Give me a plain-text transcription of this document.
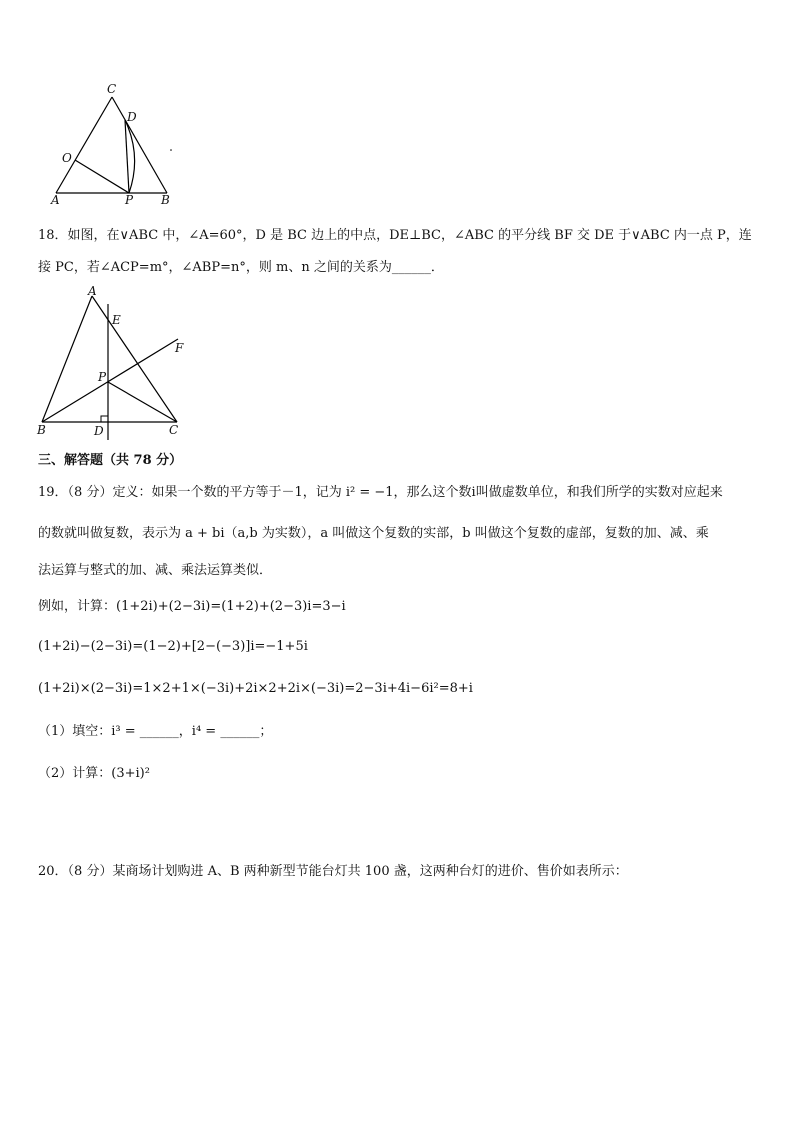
C
D
O
A	P B
18．如图，在∨ABC 中，∠A=60°，D 是 BC 边上的中点，DE⊥BC，∠ABC 的平分线 BF 交 DE 于∨ABC 内一点 P，连
接 PC，若∠ACP=m°，∠ABP=n°，则 m、n 之间的关系为______．
A
E
F
P
B	D	C
三、解答题（共 78 分）
19．（8 分）定义：如果一个数的平方等于－1，记为 i² = −1，那么这个数i叫做虚数单位，和我们所学的实数对应起来
的数就叫做复数，表示为 a + bi（a,b 为实数），a 叫做这个复数的实部，b 叫做这个复数的虚部，复数的加、减、乘
法运算与整式的加、减、乘法运算类似．
例如，计算：(1+2i)+(2−3i)=(1+2)+(2−3)i=3−i
(1+2i)−(2−3i)=(1−2)+[2−(−3)]i=−1+5i
(1+2i)×(2−3i)=1×2+1×(−3i)+2i×2+2i×(−3i)=2−3i+4i−6i²=8+i
（1）填空：i³ = ______，i⁴ = ______；
（2）计算：(3+i)²
20．（8 分）某商场计划购进 A、B 两种新型节能台灯共 100 盏，这两种台灯的进价、售价如表所示：
